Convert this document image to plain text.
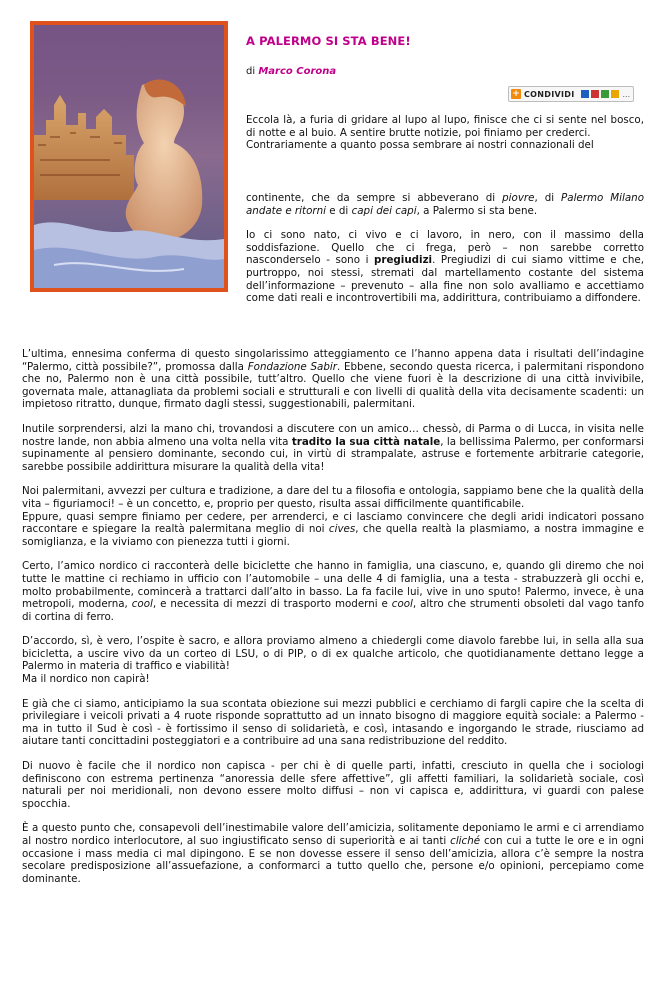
A PALERMO SI STA BENE!
di Marco Corona
+ CONDIVIDI	...

Eccola là, a furia di gridare al lupo al lupo, finisce che ci si sente nel bosco, di notte e al buio. A sentire brutte notizie, poi finiamo per crederci.

Contrariamente a quanto possa sembrare ai nostri connazionali del

continente, che da sempre si abbeverano di piovre, di Palermo Milano andate e ritorni e di capi dei capi, a Palermo si sta bene.

Io ci sono nato, ci vivo e ci lavoro, in nero, con il massimo della soddisfazione. Quello che ci frega, però – non sarebbe corretto nasconderselo - sono i pregiudizi. Pregiudizi di cui siamo vittime e che, purtroppo, noi stessi, stremati dal martellamento costante del sistema dell’informazione – prevenuto – alla fine non solo avalliamo e accettiamo come dati reali e incontrovertibili ma, addirittura, contribuiamo a diffondere.

L’ultima, ennesima conferma di questo singolarissimo atteggiamento ce l’hanno appena data i risultati dell’indagine “Palermo, città possibile?”, promossa dalla Fondazione Sabir. Ebbene, secondo questa ricerca, i palermitani rispondono che no, Palermo non è una città possibile, tutt’altro. Quello che viene fuori è la descrizione di una città invivibile, governata male, attanagliata da problemi sociali e strutturali e con livelli di qualità della vita decisamente scadenti: un impietoso ritratto, dunque, firmato dagli stessi, suggestionabili, palermitani.

Inutile sorprendersi, alzi la mano chi, trovandosi a discutere con un amico… chessò, di Parma o di Lucca, in visita nelle nostre lande, non abbia almeno una volta nella vita tradito la sua città natale, la bellissima Palermo, per conformarsi supinamente al pensiero dominante, secondo cui, in virtù di strampalate, astruse e fortemente arbitrarie categorie, sarebbe possibile addirittura misurare la qualità della vita!

Noi palermitani, avvezzi per cultura e tradizione, a dare del tu a filosofia e ontologia, sappiamo bene che la qualità della vita – figuriamoci! – è un concetto, e, proprio per questo, risulta assai difficilmente quantificabile.

Eppure, quasi sempre finiamo per cedere, per arrenderci, e ci lasciamo convincere che degli aridi indicatori possano raccontare e spiegare la realtà palermitana meglio di noi cives, che quella realtà la plasmiamo, a nostra immagine e somiglianza, e la viviamo con pienezza tutti i giorni.

Certo, l’amico nordico ci racconterà delle biciclette che hanno in famiglia, una ciascuno, e, quando gli diremo che noi tutte le mattine ci rechiamo in ufficio con l’automobile – una delle 4 di famiglia, una a testa - strabuzzerà gli occhi e, molto probabilmente, comincerà a trattarci dall’alto in basso. La fa facile lui, vive in uno sputo! Palermo, invece, è una metropoli, moderna, cool, e necessita di mezzi di trasporto moderni e cool, altro che strumenti obsoleti dal vago tanfo di cortina di ferro.

D’accordo, sì, è vero, l’ospite è sacro, e allora proviamo almeno a chiedergli come diavolo farebbe lui, in sella alla sua bicicletta, a uscire vivo da un corteo di LSU, o di PIP, o di ex qualche articolo, che quotidianamente dettano legge a Palermo in materia di traffico e viabilità!

Ma il nordico non capirà!

E già che ci siamo, anticipiamo la sua scontata obiezione sui mezzi pubblici e cerchiamo di fargli capire che la scelta di privilegiare i veicoli privati a 4 ruote risponde soprattutto ad un innato bisogno di maggiore equità sociale: a Palermo - ma in tutto il Sud è così - è fortissimo il senso di solidarietà, e così, intasando e ingorgando le strade, riusciamo ad aiutare tanti concittadini posteggiatori e a contribuire ad una sana redistribuzione del reddito.

Di nuovo è facile che il nordico non capisca - per chi è di quelle parti, infatti, cresciuto in quella che i sociologi definiscono con estrema pertinenza “anoressia delle sfere affettive”, gli affetti familiari, la solidarietà sociale, così naturali per noi meridionali, non devono essere molto diffusi – non vi capisca e, addirittura, vi guardi con palese spocchia.

È a questo punto che, consapevoli dell’inestimabile valore dell’amicizia, solitamente deponiamo le armi e ci arrendiamo al nostro nordico interlocutore, al suo ingiustificato senso di superiorità e ai tanti cliché con cui a tutte le ore e in ogni occasione i mass media ci mal dipingono. E se non dovesse essere il senso dell’amicizia, allora c’è sempre la nostra secolare predisposizione all’assuefazione, a conformarci a tutto quello che, persone e/o opinioni, percepiamo come dominante.
